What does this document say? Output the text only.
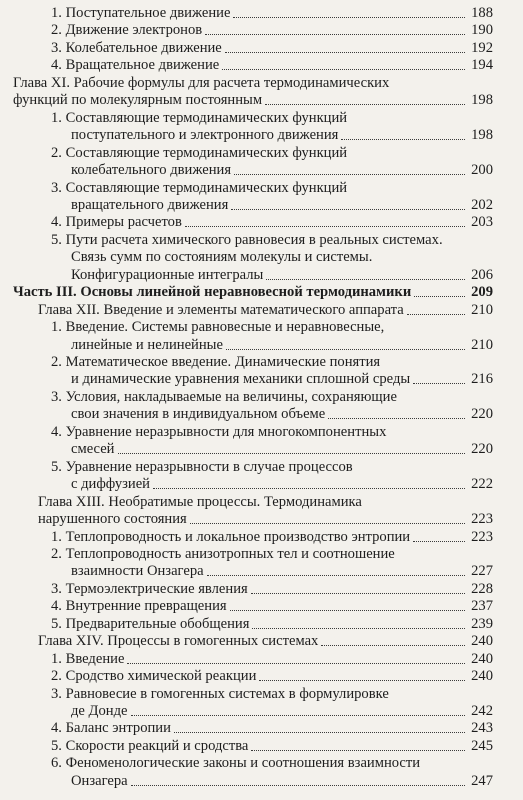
1. Поступательное движение	188
2. Движение электронов	190
3. Колебательное движение	192
4. Вращательное движение	194
Глава XI. Рабочие формулы для расчета термодинамических
функций по молекулярным постоянным	198
1. Составляющие термодинамических функций
поступательного и электронного движения	198
2. Составляющие термодинамических функций
колебательного движения	200
3. Составляющие термодинамических функций
вращательного движения	202
4. Примеры расчетов	203
5. Пути расчета химического равновесия в реальных системах.
Связь сумм по состояниям молекулы и системы.
Конфигурационные интегралы	206
Часть III. Основы линейной неравновесной термодинамики	209
Глава XII. Введение и элементы математического аппарата	210
1. Введение. Системы равновесные и неравновесные,
линейные и нелинейные	210
2. Математическое введение. Динамические понятия
и динамические уравнения механики сплошной среды	216
3. Условия, накладываемые на величины, сохраняющие
свои значения в индивидуальном объеме	220
4. Уравнение неразрывности для многокомпонентных
смесей	220
5. Уравнение неразрывности в случае процессов
с диффузией	222
Глава XIII. Необратимые процессы. Термодинамика
нарушенного состояния	223
1. Теплопроводность и локальное производство энтропии	223
2. Теплопроводность анизотропных тел и соотношение
взаимности Онзагера	227
3. Термоэлектрические явления	228
4. Внутренние превращения	237
5. Предварительные обобщения	239
Глава XIV. Процессы в гомогенных системах	240
1. Введение	240
2. Сродство химической реакции	240
3. Равновесие в гомогенных системах в формулировке
де Донде	242
4. Баланс энтропии	243
5. Скорости реакций и сродства	245
6. Феноменологические законы и соотношения взаимности
Онзагера	247
